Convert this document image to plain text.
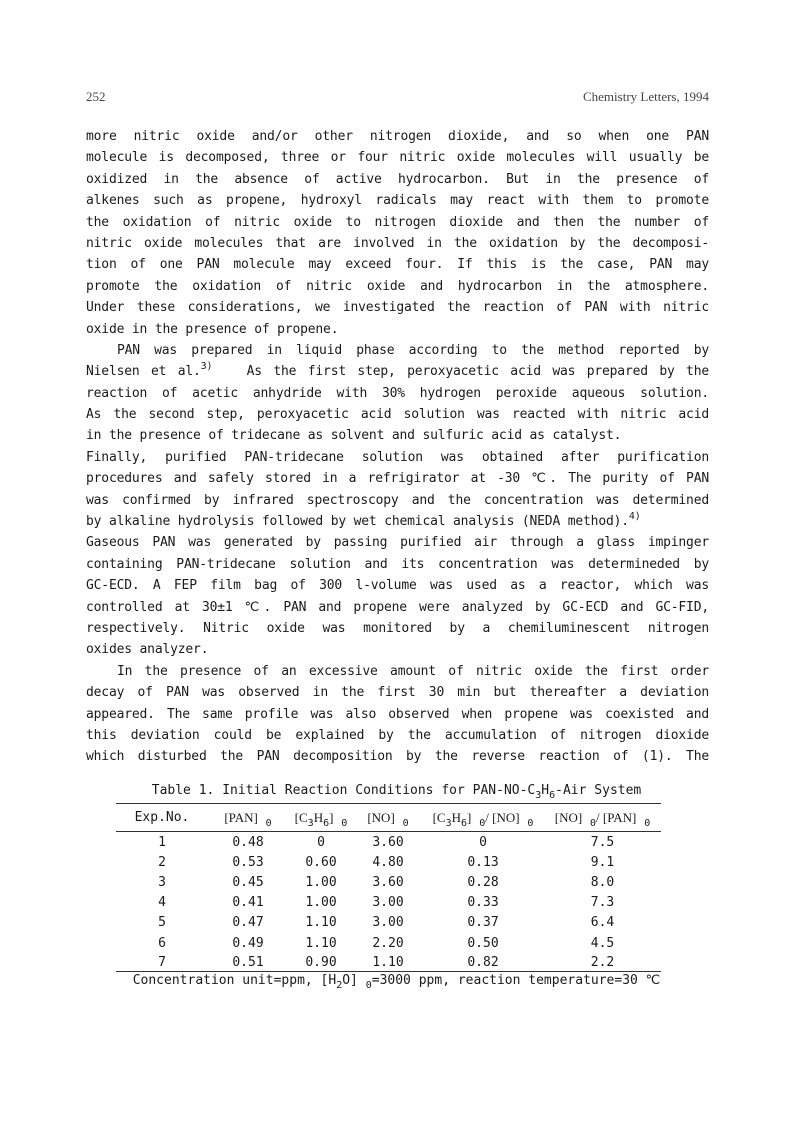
252	Chemistry Letters, 1994
more nitric oxide and/or other nitrogen dioxide, and so when one PAN
molecule is decomposed, three or four nitric oxide molecules will usually be
oxidized in the absence of active hydrocarbon. But in the presence of
alkenes such as propene, hydroxyl radicals may react with them to promote
the oxidation of nitric oxide to nitrogen dioxide and then the number of
nitric oxide molecules that are involved in the oxidation by the decomposi-
tion of one PAN molecule may exceed four. If this is the case, PAN may
promote the oxidation of nitric oxide and hydrocarbon in the atmosphere.
Under these considerations, we investigated the reaction of PAN with nitric
oxide in the presence of propene.
PAN was prepared in liquid phase according to the method reported by
Nielsen et al.$^{3)}$	As the first step, peroxyacetic acid was prepared by the
reaction of acetic anhydride with 30% hydrogen peroxide aqueous solution.
As the second step, peroxyacetic acid solution was reacted with nitric acid
in the presence of tridecane as solvent and sulfuric acid as catalyst.
Finally, purified PAN-tridecane solution was obtained after purification
procedures and safely stored in a refrigirator at -30 ℃. The purity of PAN
was confirmed by infrared spectroscopy and the concentration was determined
by alkaline hydrolysis followed by wet chemical analysis (NEDA method).$^{4)}$
Gaseous PAN was generated by passing purified air through a glass impinger
containing PAN-tridecane solution and its concentration was determineded by
GC-ECD. A FEP film bag of 300 l-volume was used as a reactor, which was
controlled at 30±1 ℃. PAN and propene were analyzed by GC-ECD and GC-FID,
respectively. Nitric oxide was monitored by a chemiluminescent nitrogen
oxides analyzer.
In the presence of an excessive amount of nitric oxide the first order
decay of PAN was observed in the first 30 min but thereafter a deviation
appeared. The same profile was also observed when propene was coexisted and
this deviation could be explained by the accumulation of nitrogen dioxide
which disturbed the PAN decomposition by the reverse reaction of (1). The
Table 1. Initial Reaction Conditions for PAN-$NO-C_3H_6$-Air System
Exp.No.	[PAN] $_0$	$[C_3H_6]$ $_0$	[NO] $_0$	$[C_3H_6]$ $_0$/ [NO] $_0$	[NO] $_0$/ [PAN] $_0$
1	0.48	0	3.60	0	7.5
2	0.53	0.60	4.80	0.13	9.1
3	0.45	1.00	3.60	0.28	8.0
4	0.41	1.00	3.00	0.33	7.3
5	0.47	1.10	3.00	0.37	6.4
6	0.49	1.10	2.20	0.50	4.5
7	0.51	0.90	1.10	0.82	2.2
Concentration unit=ppm, $[H_2O]$ $_0$=3000 ppm, reaction temperature=30 ℃
